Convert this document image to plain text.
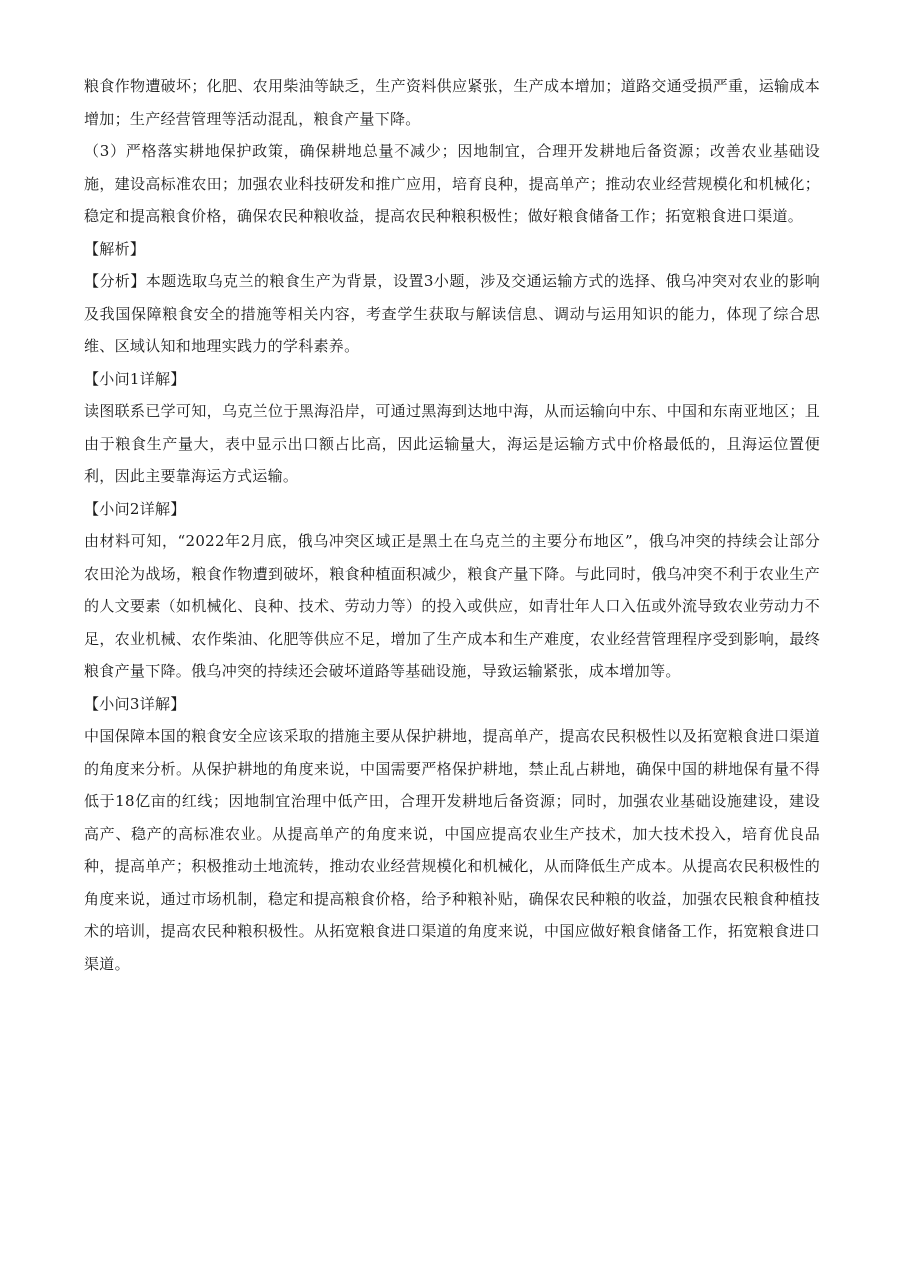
粮食作物遭破坏；化肥、农用柴油等缺乏，生产资料供应紧张，生产成本增加；道路交通受损严重，运输成本增加；生产经营管理等活动混乱，粮食产量下降。

（3）严格落实耕地保护政策，确保耕地总量不减少；因地制宜，合理开发耕地后备资源；改善农业基础设施，建设高标准农田；加强农业科技研发和推广应用，培育良种，提高单产；推动农业经营规模化和机械化；稳定和提高粮食价格，确保农民种粮收益，提高农民种粮积极性；做好粮食储备工作；拓宽粮食进口渠道。

【解析】

【分析】本题选取乌克兰的粮食生产为背景，设置3小题，涉及交通运输方式的选择、俄乌冲突对农业的影响及我国保障粮食安全的措施等相关内容，考查学生获取与解读信息、调动与运用知识的能力，体现了综合思维、区域认知和地理实践力的学科素养。

【小问1详解】

读图联系已学可知，乌克兰位于黑海沿岸，可通过黑海到达地中海，从而运输向中东、中国和东南亚地区；且由于粮食生产量大，表中显示出口额占比高，因此运输量大，海运是运输方式中价格最低的，且海运位置便利，因此主要靠海运方式运输。

【小问2详解】

由材料可知，“2022年2月底，俄乌冲突区域正是黑土在乌克兰的主要分布地区”，俄乌冲突的持续会让部分农田沦为战场，粮食作物遭到破坏，粮食种植面积减少，粮食产量下降。与此同时，俄乌冲突不利于农业生产的人文要素（如机械化、良种、技术、劳动力等）的投入或供应，如青壮年人口入伍或外流导致农业劳动力不足，农业机械、农作柴油、化肥等供应不足，增加了生产成本和生产难度，农业经营管理程序受到影响，最终粮食产量下降。俄乌冲突的持续还会破坏道路等基础设施，导致运输紧张，成本增加等。

【小问3详解】

中国保障本国的粮食安全应该采取的措施主要从保护耕地，提高单产，提高农民积极性以及拓宽粮食进口渠道的角度来分析。从保护耕地的角度来说，中国需要严格保护耕地，禁止乱占耕地，确保中国的耕地保有量不得低于18亿亩的红线；因地制宜治理中低产田，合理开发耕地后备资源；同时，加强农业基础设施建设，建设高产、稳产的高标准农业。从提高单产的角度来说，中国应提高农业生产技术，加大技术投入，培育优良品种，提高单产；积极推动土地流转，推动农业经营规模化和机械化，从而降低生产成本。从提高农民积极性的角度来说，通过市场机制，稳定和提高粮食价格，给予种粮补贴，确保农民种粮的收益，加强农民粮食种植技术的培训，提高农民种粮积极性。从拓宽粮食进口渠道的角度来说，中国应做好粮食储备工作，拓宽粮食进口渠道。
